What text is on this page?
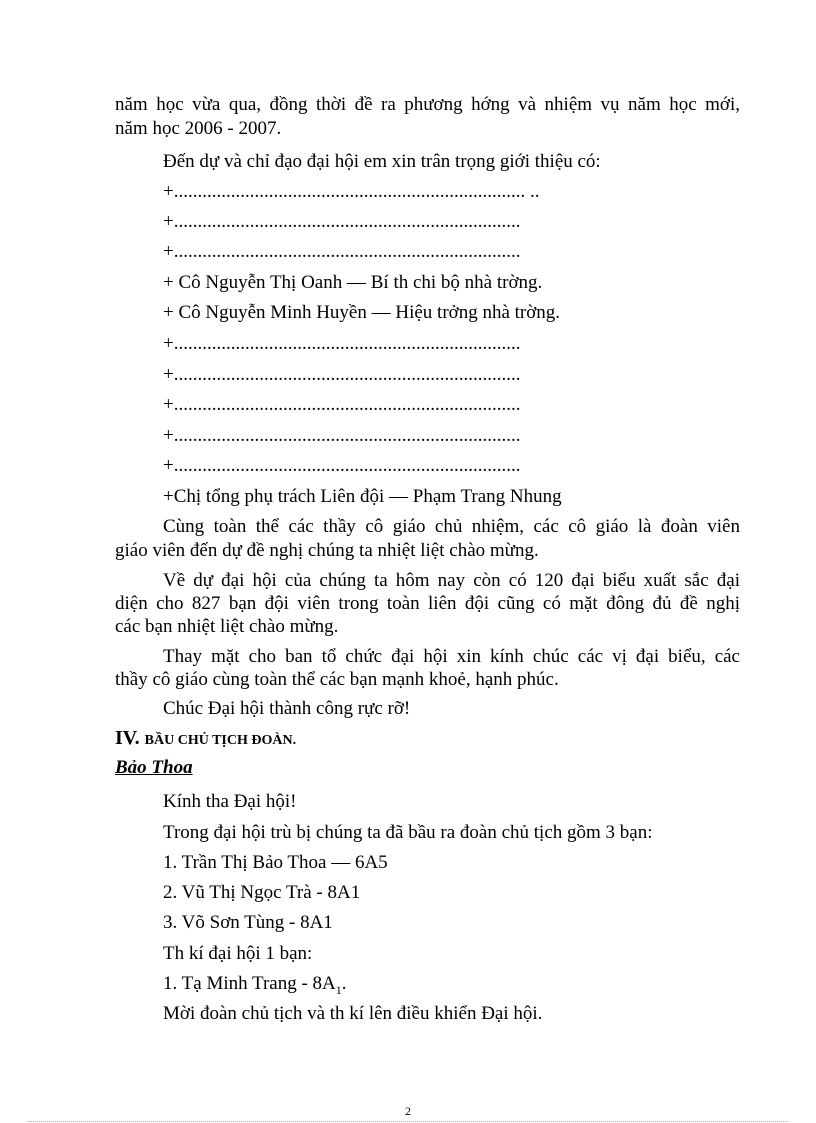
năm học vừa qua, đồng thời đề ra phương hớng và nhiệm vụ năm học mới,
năm học 2006 - 2007.
Đến dự và chỉ đạo đại hội em xin trân trọng giới thiệu có:
+.......................................................................... ..
+.........................................................................
+.........................................................................
+ Cô Nguyễn Thị Oanh — Bí th chi bộ nhà trờng.
+ Cô Nguyễn Minh Huyền — Hiệu trởng nhà trờng.
+.........................................................................
+.........................................................................
+.........................................................................
+.........................................................................
+.........................................................................
+Chị tổng phụ trách Liên đội — Phạm Trang Nhung
Cùng toàn thể các thầy cô giáo chủ nhiệm, các cô giáo là đoàn viên
giáo viên đến dự đề nghị chúng ta nhiệt liệt chào mừng.
Về dự đại hội của chúng ta hôm nay còn có 120 đại biểu xuất sắc đại
diện cho 827 bạn đội viên trong toàn liên đội cũng có mặt đông đủ đề nghị
các bạn nhiệt liệt chào mừng.
Thay mặt cho ban tổ chức đại hội xin kính chúc các vị đại biểu, các
thầy cô giáo cùng toàn thể các bạn mạnh khoẻ, hạnh phúc.
Chúc Đại hội thành công rực rỡ!
IV. BẦU CHỦ TỊCH ĐOÀN.
Bảo Thoa
Kính tha Đại hội!
Trong đại hội trù bị chúng ta đã bầu ra đoàn chủ tịch gồm 3 bạn:
1. Trần Thị Bảo Thoa — 6A5
2. Vũ Thị Ngọc Trà - 8A1
3. Võ Sơn Tùng - 8A1
Th kí đại hội 1 bạn:
1. Tạ Minh Trang - $8A_1$.
Mời đoàn chủ tịch và th kí lên điều khiển Đại hội.
2
